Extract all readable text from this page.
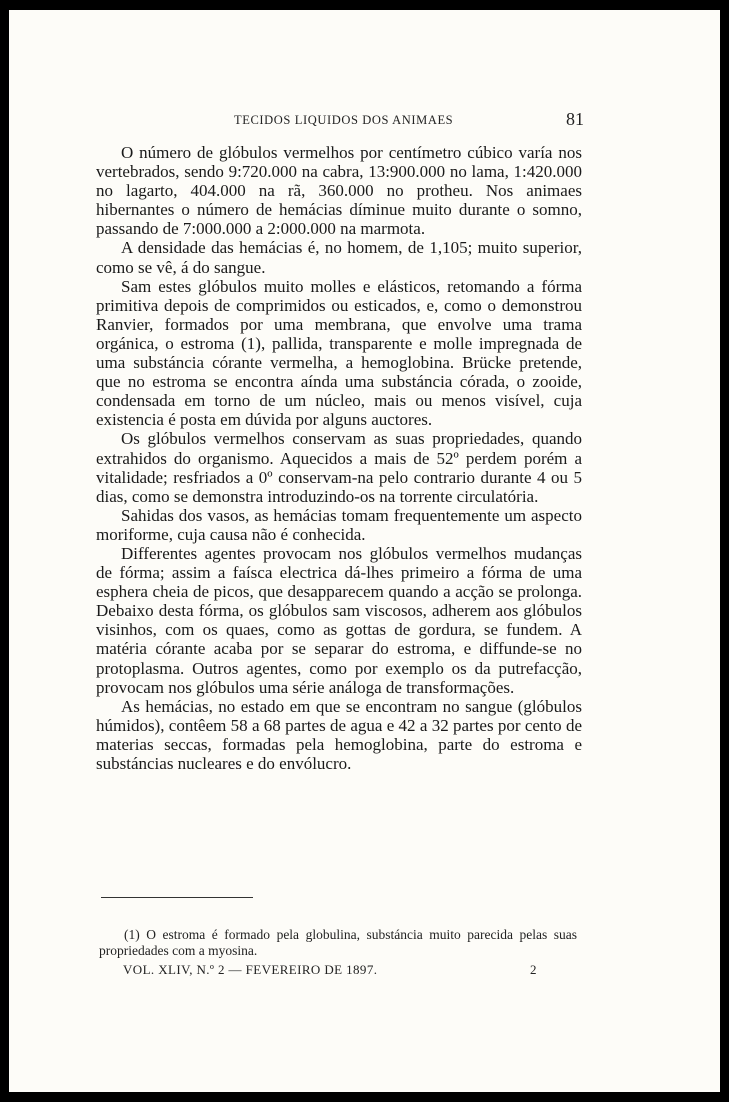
TECIDOS LIQUIDOS DOS ANIMAES	81

O número de glóbulos vermelhos por centímetro cúbico varía nos vertebrados, sendo 9:720.000 na cabra, 13:900.000 no lama, 1:420.000 no lagarto, 404.000 na rã, 360.000 no protheu. Nos animaes hibernantes o número de hemácias díminue muito durante o somno, passando de 7:000.000 a 2:000.000 na marmota.

A densidade das hemácias é, no homem, de 1,105; muito superior, como se vê, á do sangue.

Sam estes glóbulos muito molles e elásticos, retomando a fórma primitiva depois de comprimidos ou esticados, e, como o demonstrou Ranvier, formados por uma membrana, que envolve uma trama orgánica, o estroma (1), pallida, transparente e molle impregnada de uma substáncia córante vermelha, a hemoglobina. Brücke pretende, que no estroma se encontra aínda uma substáncia córada, o zooide, condensada em torno de um núcleo, mais ou menos visível, cuja existencia é posta em dúvida por alguns auctores.

Os glóbulos vermelhos conservam as suas propriedades, quando extrahidos do organismo. Aquecidos a mais de 52º perdem porém a vitalidade; resfriados a 0º conservam-na pelo contrario durante 4 ou 5 dias, como se demonstra introduzindo-os na torrente circulatória.

Sahidas dos vasos, as hemácias tomam frequentemente um aspecto moriforme, cuja causa não é conhecida.

Differentes agentes provocam nos glóbulos vermelhos mudanças de fórma; assim a faísca electrica dá-lhes primeiro a fórma de uma esphera cheia de picos, que desapparecem quando a acção se prolonga. Debaixo desta fórma, os glóbulos sam viscosos, adherem aos glóbulos visinhos, com os quaes, como as gottas de gordura, se fundem. A matéria córante acaba por se separar do estroma, e diffunde-se no protoplasma. Outros agentes, como por exemplo os da putrefacção, provocam nos glóbulos uma série análoga de transformações.

As hemácias, no estado em que se encontram no sangue (glóbulos húmidos), contêem 58 a 68 partes de agua e 42 a 32 partes por cento de materias seccas, formadas pela hemoglobina, parte do estroma e substáncias nucleares e do envólucro.

(1) O estroma é formado pela globulina, substáncia muito parecida pelas suas propriedades com a myosina.
VOL. XLIV, N.º 2 — FEVEREIRO DE 1897.	2
